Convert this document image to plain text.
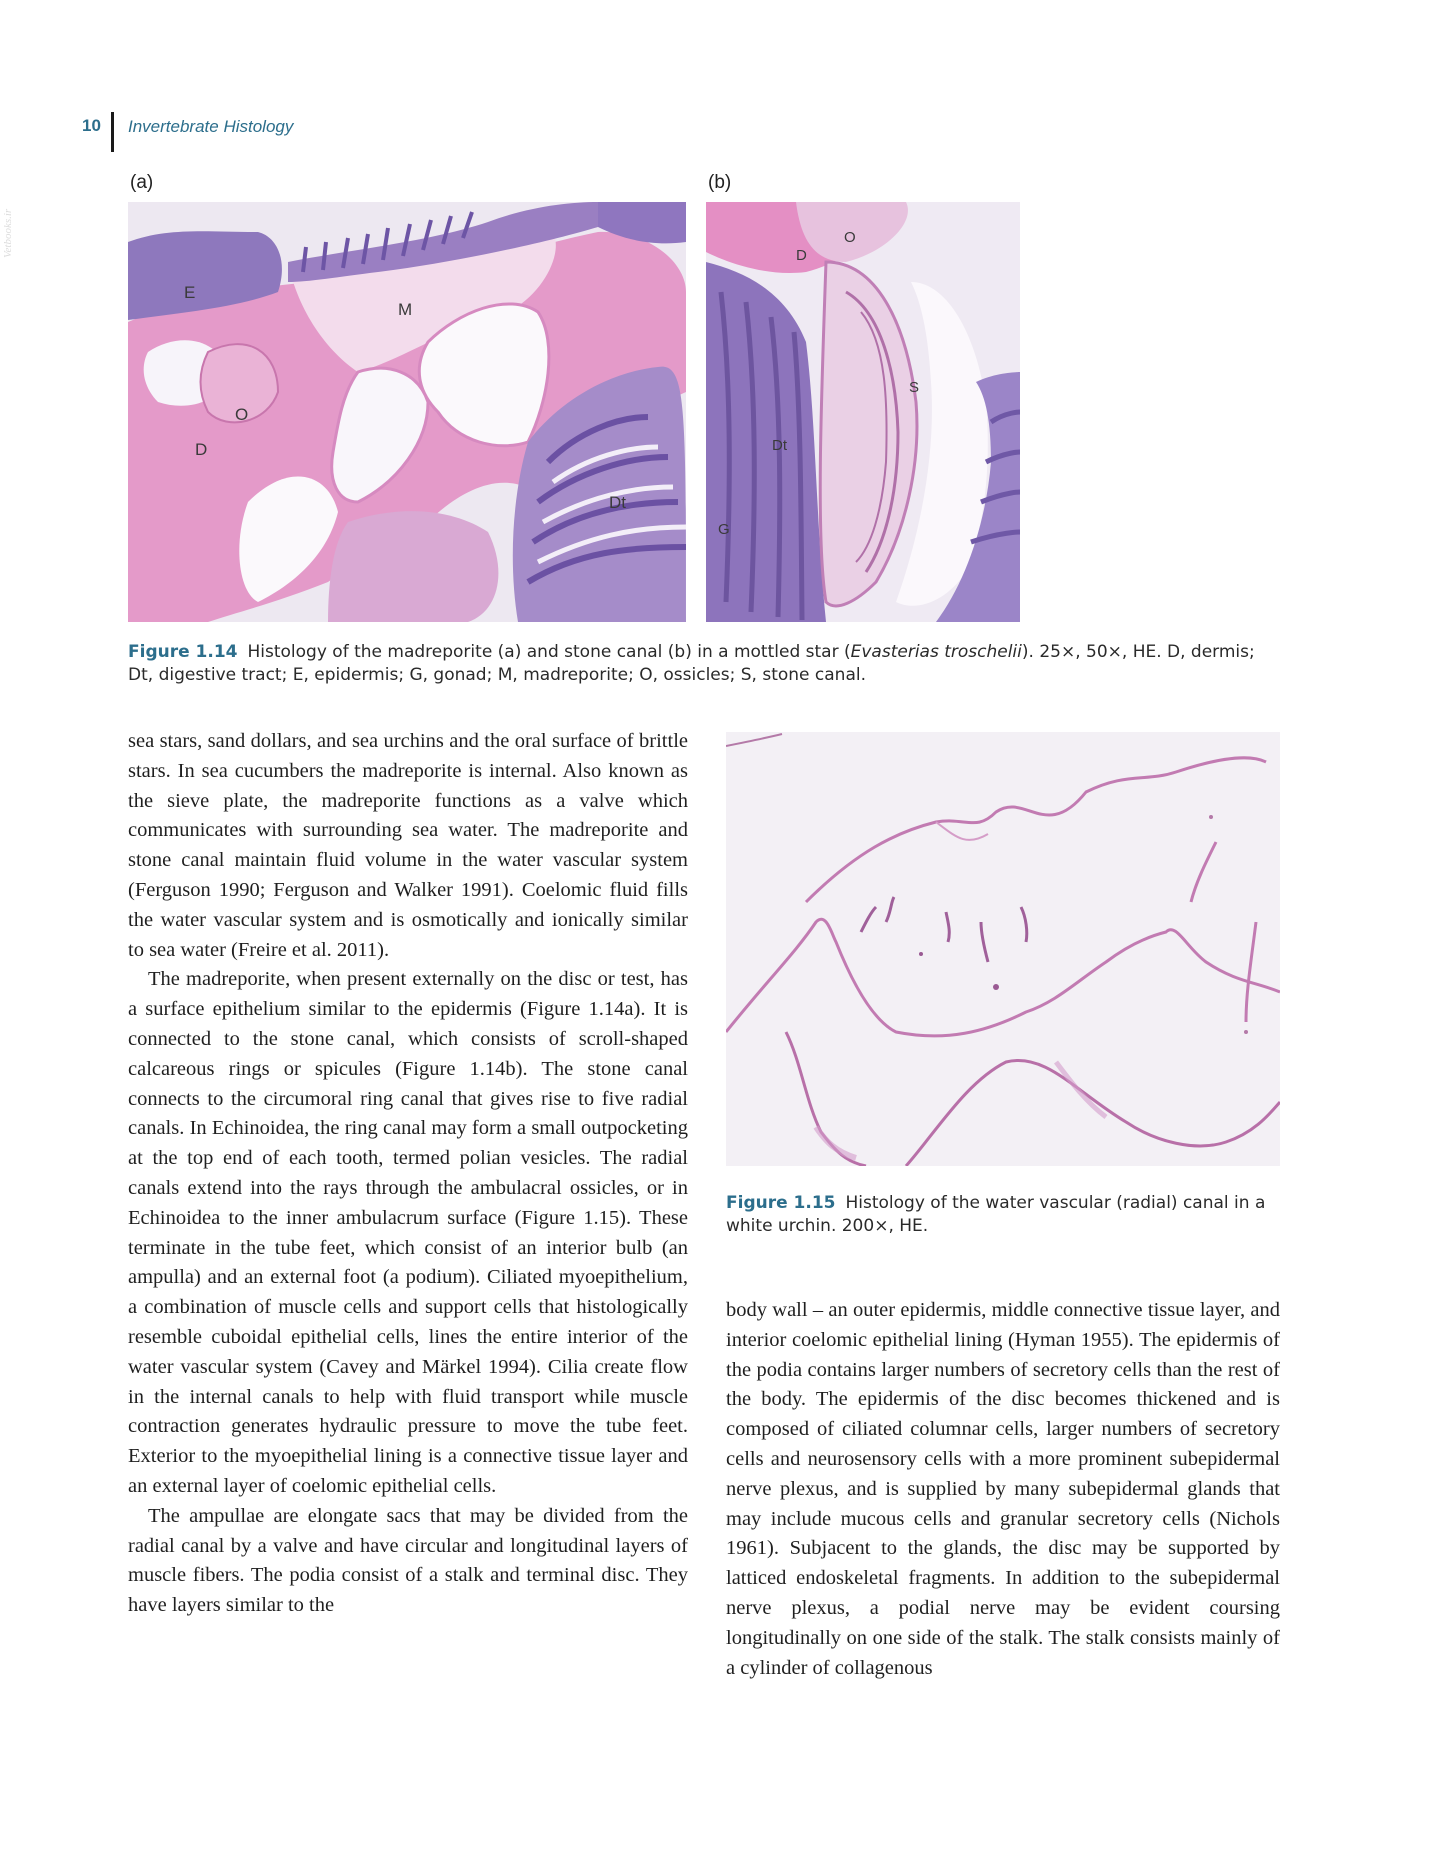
10 Invertebrate Histology
Vetbooks.ir
(a)	(b)
E
M
O
D
Dt
D
O
S
Dt
G
Figure 1.14 Histology of the madreporite (a) and stone canal (b) in a mottled star (Evasterias troschelii). 25×, 50×, HE. D, dermis; Dt, digestive tract; E, epidermis; G, gonad; M, madreporite; O, ossicles; S, stone canal.
Figure 1.15 Histology of the water vascular (radial) canal in a white urchin. 200×, HE.

sea stars, sand dollars, and sea urchins and the oral surface of brittle stars. In sea cucumbers the madreporite is internal. Also known as the sieve plate, the madreporite functions as a valve which communicates with surrounding sea water. The madreporite and stone canal maintain fluid volume in the water vascular system (Ferguson 1990; Ferguson and Walker 1991). Coelomic fluid fills the water vascular system and is osmotically and ionically similar to sea water (Freire et al. 2011).

The madreporite, when present externally on the disc or test, has a surface epithelium similar to the epidermis (Figure 1.14a). It is connected to the stone canal, which consists of scroll-shaped calcareous rings or spicules (Figure 1.14b). The stone canal connects to the circumoral ring canal that gives rise to five radial canals. In Echinoidea, the ring canal may form a small outpocketing at the top end of each tooth, termed polian vesicles. The radial canals extend into the rays through the ambulacral ossicles, or in Echinoidea to the inner ambulacrum surface (Figure 1.15). These terminate in the tube feet, which consist of an interior bulb (an ampulla) and an external foot (a podium). Ciliated myoepithelium, a combination of muscle cells and support cells that histologically resemble cuboidal epithelial cells, lines the entire interior of the water vascular system (Cavey and Märkel 1994). Cilia create flow in the internal canals to help with fluid transport while muscle contraction generates hydraulic pressure to move the tube feet. Exterior to the myoepithelial lining is a connective tissue layer and an external layer of coelomic epithelial cells.

The ampullae are elongate sacs that may be divided from the radial canal by a valve and have circular and longitudinal layers of muscle fibers. The podia consist of a stalk and terminal disc. They have layers similar to the

body wall – an outer epidermis, middle connective tissue layer, and interior coelomic epithelial lining (Hyman 1955). The epidermis of the podia contains larger numbers of secretory cells than the rest of the body. The epidermis of the disc becomes thickened and is composed of ciliated columnar cells, larger numbers of secretory cells and neurosensory cells with a more prominent subepidermal nerve plexus, and is supplied by many subepidermal glands that may include mucous cells and granular secretory cells (Nichols 1961). Subjacent to the glands, the disc may be supported by latticed endoskeletal fragments. In addition to the subepidermal nerve plexus, a podial nerve may be evident coursing longitudinally on one side of the stalk. The stalk consists mainly of a cylinder of collagenous
